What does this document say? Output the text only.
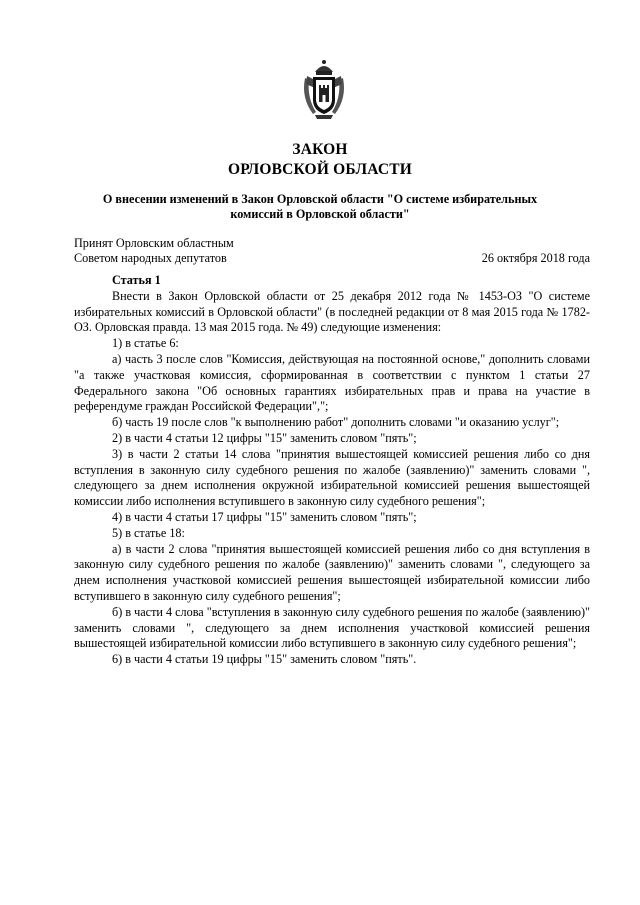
ЗАКОН
ОРЛОВСКОЙ ОБЛАСТИ
О внесении изменений в Закон Орловской области "О системе избирательных
комиссий в Орловской области"
Принят Орловским областным
Советом народных депутатов	26 октября 2018 года

Статья 1

Внести в Закон Орловской области от 25 декабря 2012 года № 1453-ОЗ "О системе избирательных комиссий в Орловской области" (в последней редакции от 8 мая 2015 года № 1782-ОЗ. Орловская правда. 13 мая 2015 года. № 49) следующие изменения:

1) в статье 6:

а) часть 3 после слов "Комиссия, действующая на постоянной основе," дополнить словами "а также участковая комиссия, сформированная в соответствии с пунктом 1 статьи 27 Федерального закона "Об основных гарантиях избирательных прав и права на участие в референдуме граждан Российской Федерации",";

б) часть 19 после слов "к выполнению работ" дополнить словами "и оказанию услуг";

2) в части 4 статьи 12 цифры "15" заменить словом "пять";

3) в части 2 статьи 14 слова "принятия вышестоящей комиссией решения либо со дня вступления в законную силу судебного решения по жалобе (заявлению)" заменить словами ", следующего за днем исполнения окружной избирательной комиссией решения вышестоящей комиссии либо исполнения вступившего в законную силу судебного решения";

4) в части 4 статьи 17 цифры "15" заменить словом "пять";

5) в статье 18:

а) в части 2 слова "принятия вышестоящей комиссией решения либо со дня вступления в законную силу судебного решения по жалобе (заявлению)" заменить словами ", следующего за днем исполнения участковой комиссией решения вышестоящей избирательной комиссии либо вступившего в законную силу судебного решения";

б) в части 4 слова "вступления в законную силу судебного решения по жалобе (заявлению)" заменить словами ", следующего за днем исполнения участковой комиссией решения вышестоящей избирательной комиссии либо вступившего в законную силу судебного решения";

6) в части 4 статьи 19 цифры "15" заменить словом "пять".
